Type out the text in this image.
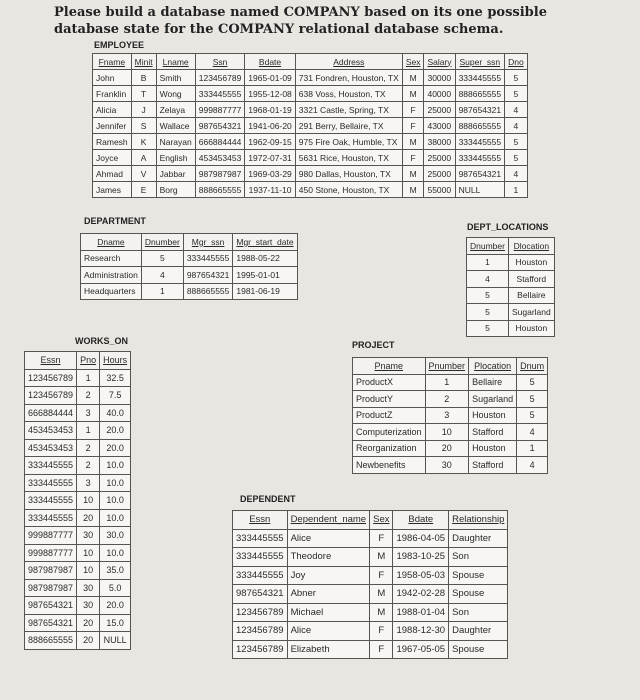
Please build a database named COMPANY based on its one possible database state for the COMPANY relational database schema.
EMPLOYEE
Fname	Minit	Lname	Ssn	Bdate	Address	Sex	Salary	Super_ssn	Dno
John	B	Smith	123456789	1965-01-09	731 Fondren, Houston, TX	M	30000	333445555	5
Franklin	T	Wong	333445555	1955-12-08	638 Voss, Houston, TX	M	40000	888665555	5
Alicia	J	Zelaya	999887777	1968-01-19	3321 Castle, Spring, TX	F	25000	987654321	4
Jennifer	S	Wallace	987654321	1941-06-20	291 Berry, Bellaire, TX	F	43000	888665555	4
Ramesh	K	Narayan	666884444	1962-09-15	975 Fire Oak, Humble, TX	M	38000	333445555	5
Joyce	A	English	453453453	1972-07-31	5631 Rice, Houston, TX	F	25000	333445555	5
Ahmad	V	Jabbar	987987987	1969-03-29	980 Dallas, Houston, TX	M	25000	987654321	4
James	E	Borg	888665555	1937-11-10	450 Stone, Houston, TX	M	55000	NULL	1
DEPARTMENT
Dname	Dnumber	Mgr_ssn	Mgr_start_date
Research	5	333445555	1988-05-22
Administration	4	987654321	1995-01-01
Headquarters	1	888665555	1981-06-19
DEPT_LOCATIONS
Dnumber	Dlocation
1	Houston
4	Stafford
5	Bellaire
5	Sugarland
5	Houston
WORKS_ON
Essn	Pno	Hours
123456789	1	32.5
123456789	2	7.5
666884444	3	40.0
453453453	1	20.0
453453453	2	20.0
333445555	2	10.0
333445555	3	10.0
333445555	10	10.0
333445555	20	10.0
999887777	30	30.0
999887777	10	10.0
987987987	10	35.0
987987987	30	5.0
987654321	30	20.0
987654321	20	15.0
888665555	20	NULL
PROJECT
Pname	Pnumber	Plocation	Dnum
ProductX	1	Bellaire	5
ProductY	2	Sugarland	5
ProductZ	3	Houston	5
Computerization	10	Stafford	4
Reorganization	20	Houston	1
Newbenefits	30	Stafford	4
DEPENDENT
Essn	Dependent_name	Sex	Bdate	Relationship
333445555	Alice	F	1986-04-05	Daughter
333445555	Theodore	M	1983-10-25	Son
333445555	Joy	F	1958-05-03	Spouse
987654321	Abner	M	1942-02-28	Spouse
123456789	Michael	M	1988-01-04	Son
123456789	Alice	F	1988-12-30	Daughter
123456789	Elizabeth	F	1967-05-05	Spouse
